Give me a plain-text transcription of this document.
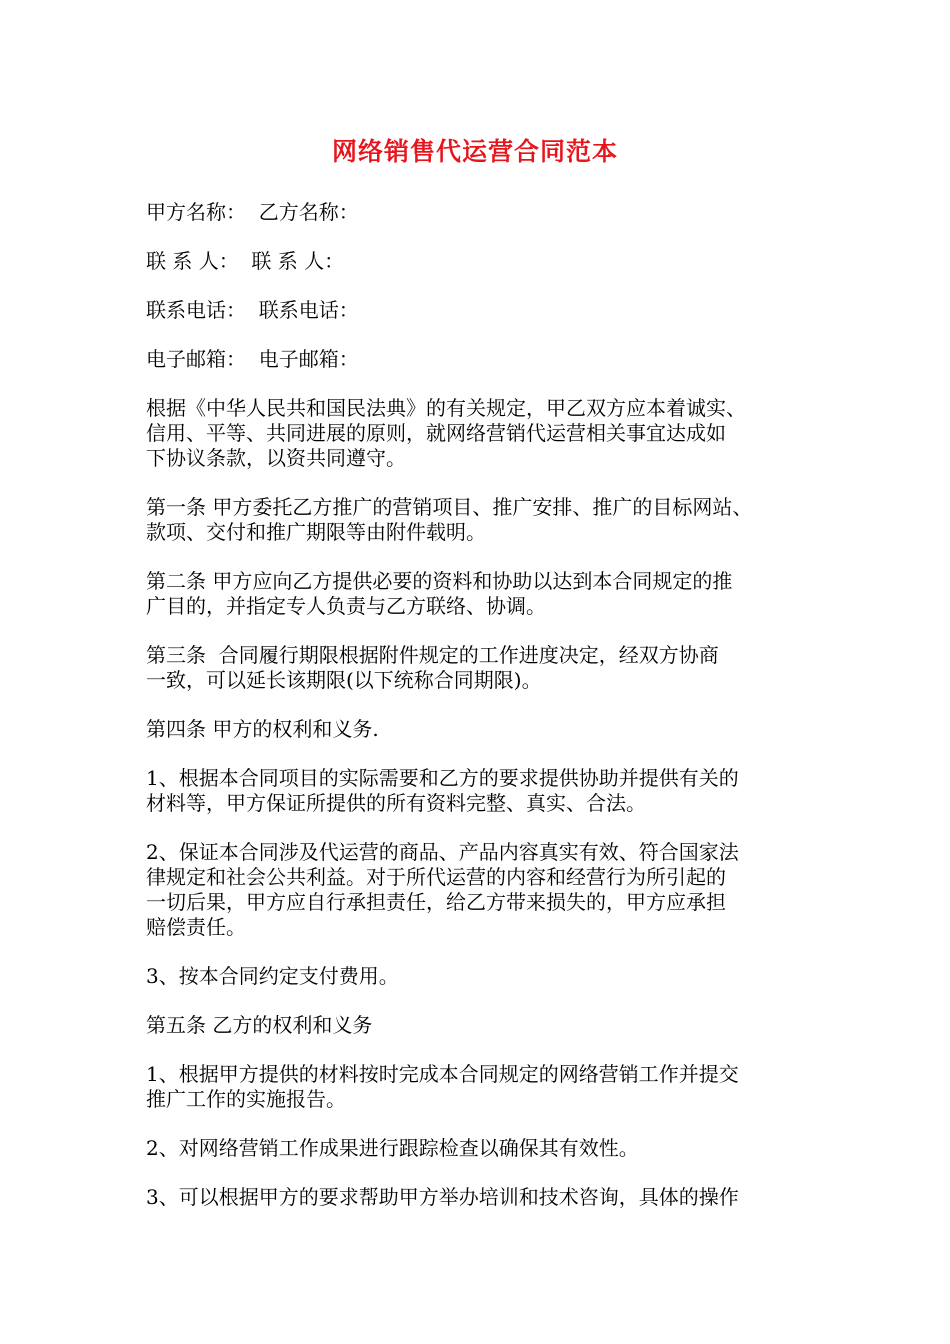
网络销售代运营合同范本
甲方名称：  乙方名称：
联 系 人：  联 系 人：
联系电话：  联系电话：
电子邮箱：  电子邮箱：

根据《中华人民共和国民法典》的有关规定，甲乙双方应本着诚实、
信用、平等、共同进展的原则，就网络营销代运营相关事宜达成如
下协议条款，以资共同遵守。

第一条 甲方委托乙方推广的营销项目、推广安排、推广的目标网站、
款项、交付和推广期限等由附件载明。

第二条 甲方应向乙方提供必要的资料和协助以达到本合同规定的推
广目的，并指定专人负责与乙方联络、协调。

第三条  合同履行期限根据附件规定的工作进度决定，经双方协商
一致，可以延长该期限(以下统称合同期限)。

第四条 甲方的权利和义务.

1、根据本合同项目的实际需要和乙方的要求提供协助并提供有关的
材料等，甲方保证所提供的所有资料完整、真实、合法。

2、保证本合同涉及代运营的商品、产品内容真实有效、符合国家法
律规定和社会公共利益。对于所代运营的内容和经营行为所引起的
一切后果，甲方应自行承担责任，给乙方带来损失的，甲方应承担
赔偿责任。

3、按本合同约定支付费用。

第五条 乙方的权利和义务

1、根据甲方提供的材料按时完成本合同规定的网络营销工作并提交
推广工作的实施报告。

2、对网络营销工作成果进行跟踪检查以确保其有效性。

3、可以根据甲方的要求帮助甲方举办培训和技术咨询，具体的操作
